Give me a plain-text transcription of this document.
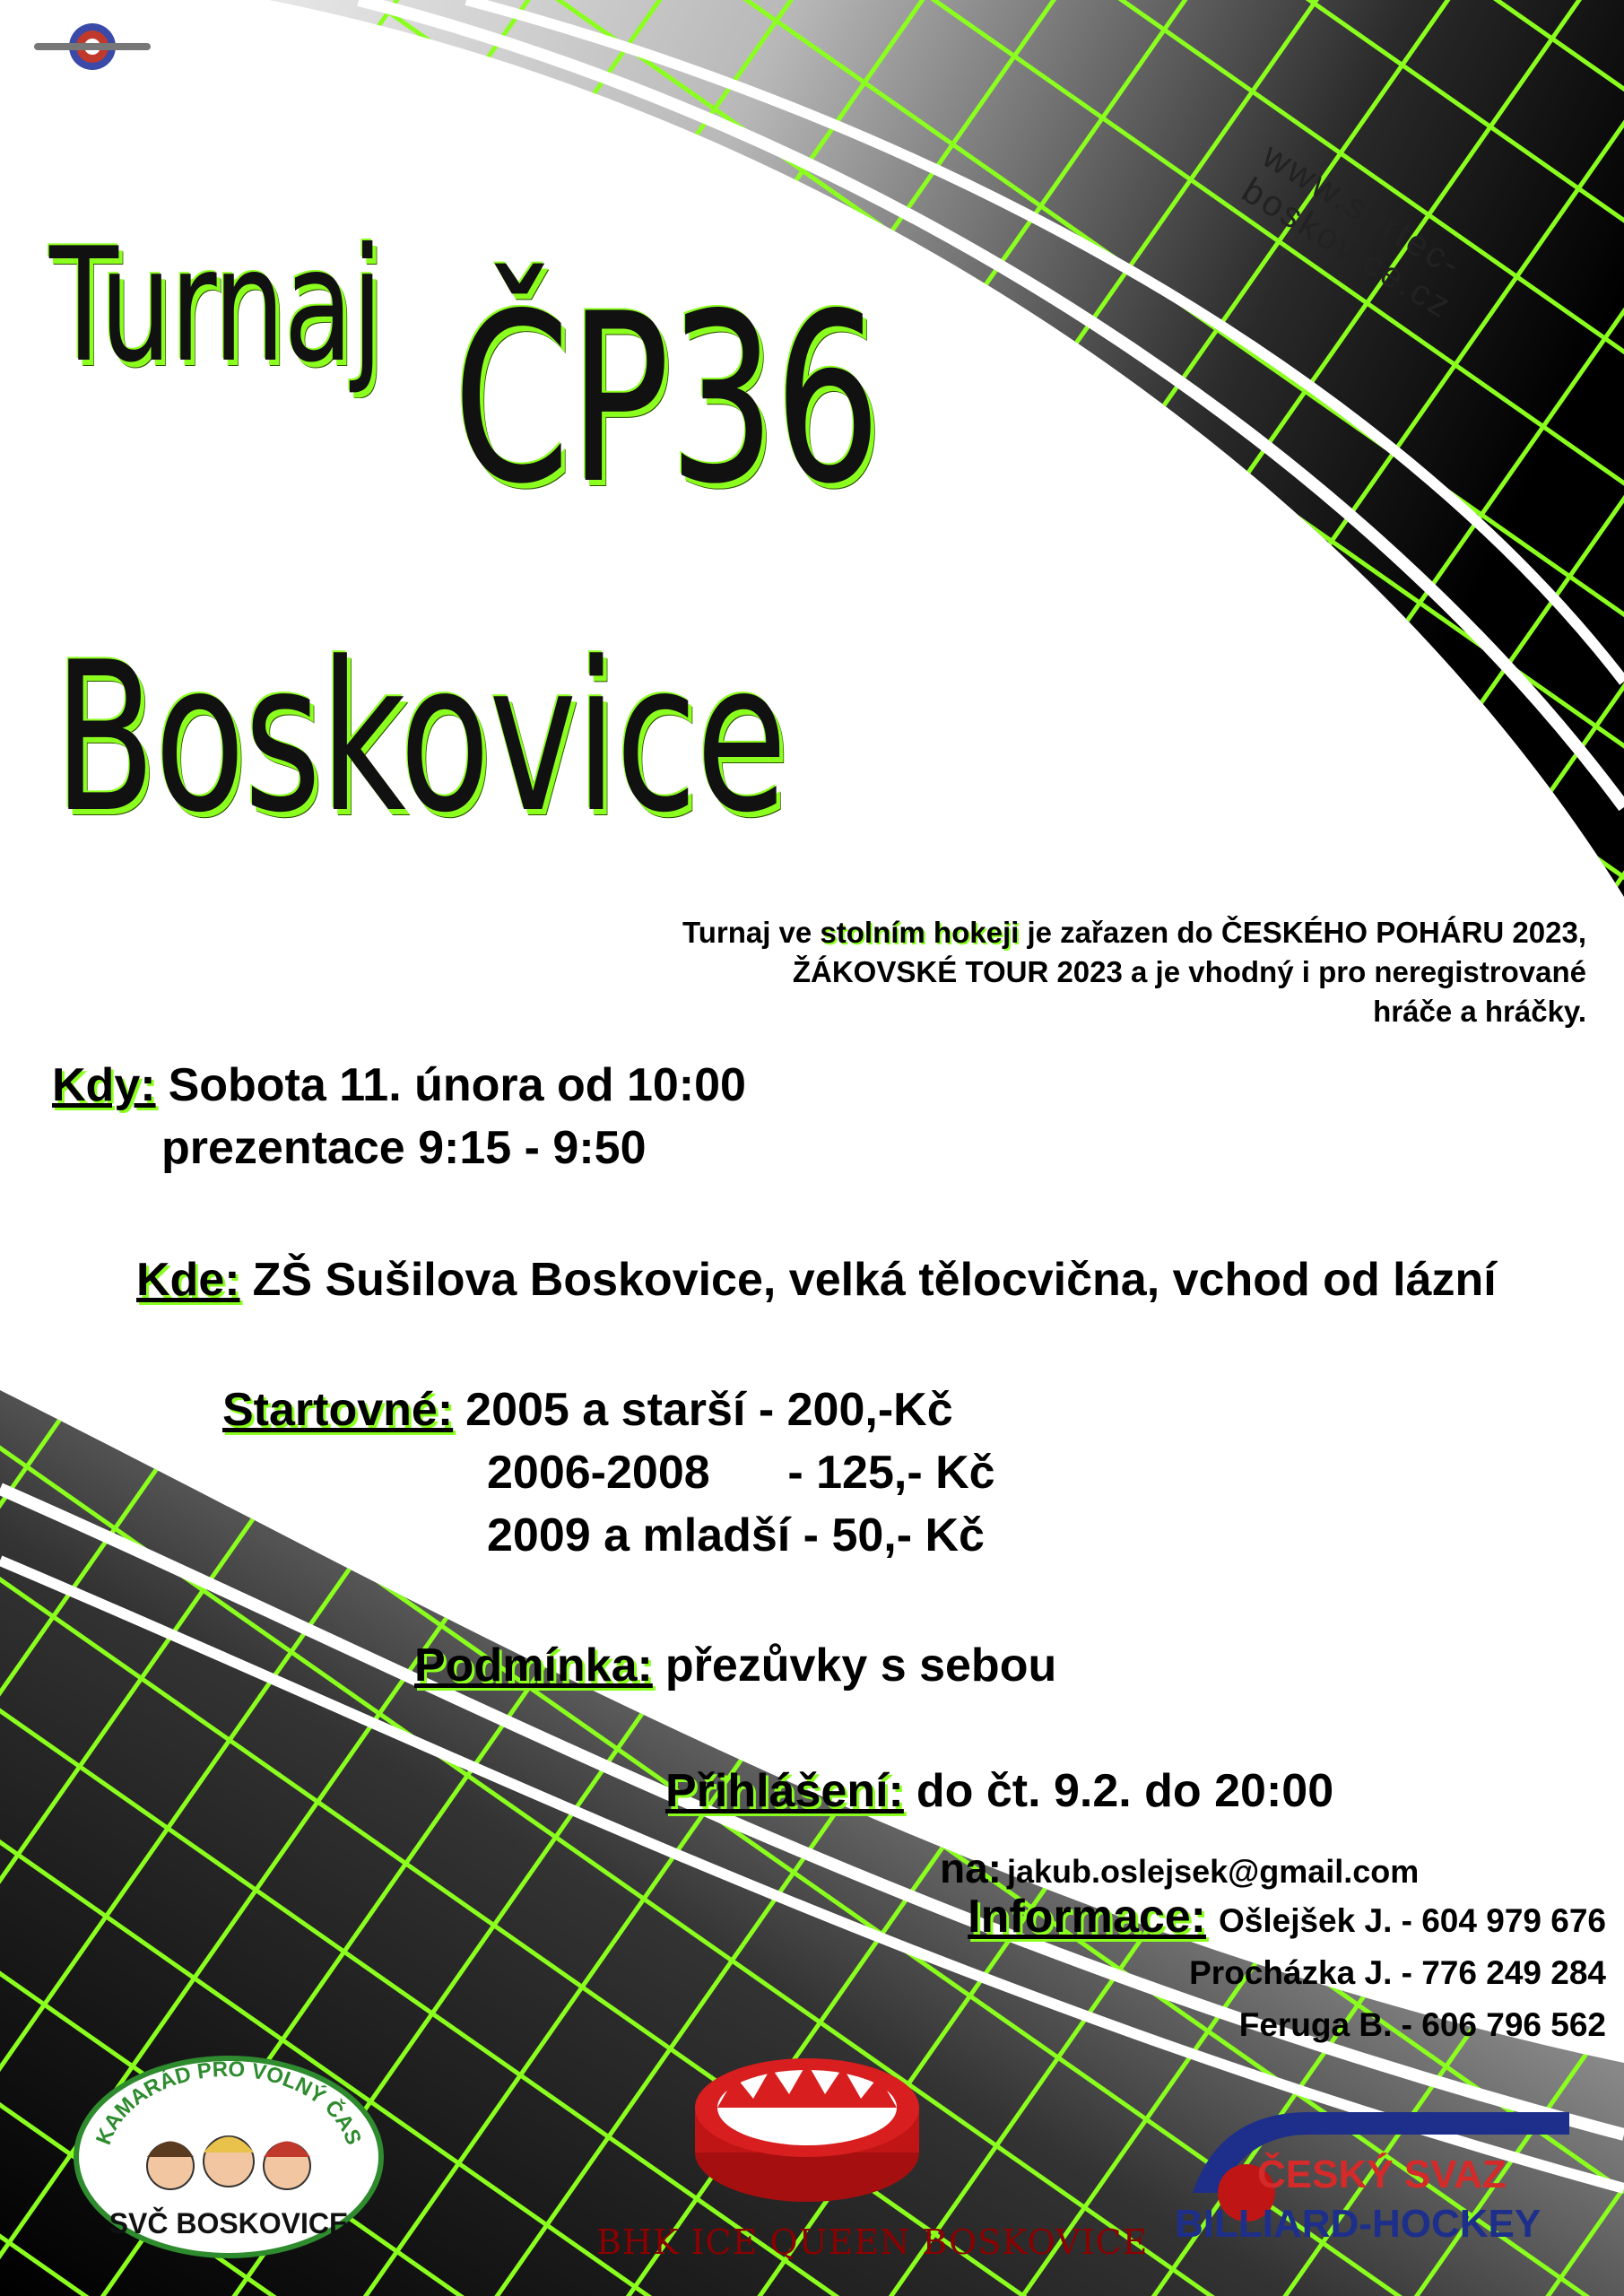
www.sprtec-boskovice.cz
Turnaj ČP36
Boskovice
Turnaj ve stolním hokeji je zařazen do ČESKÉHO POHÁRU 2023,
ŽÁKOVSKÉ TOUR 2023 a je vhodný i pro neregistrované
hráče a hráčky.
Kdy: Sobota 11. února od 10:00
prezentace 9:15 - 9:50
Kde: ZŠ Sušilova Boskovice, velká tělocvična, vchod od lázní
Startovné: 2005 a starší - 200,-Kč
2006-2008      - 125,- Kč
2009 a mladší - 50,- Kč
Podmínka: přezůvky s sebou
Přihlášení: do čt. 9.2. do 20:00
na: jakub.oslejsek@gmail.com
Informace: Ošlejšek J. - 604 979 676
Procházka J. - 776 249 284
Feruga B. - 606 796 562
KAMARÁD PRO VOLNÝ ČAS
SVČ BOSKOVICE	BHK ICE QUEEN BOSKOVICE
ČESKÝ SVAZ
BILLIARD-HOCKEY
